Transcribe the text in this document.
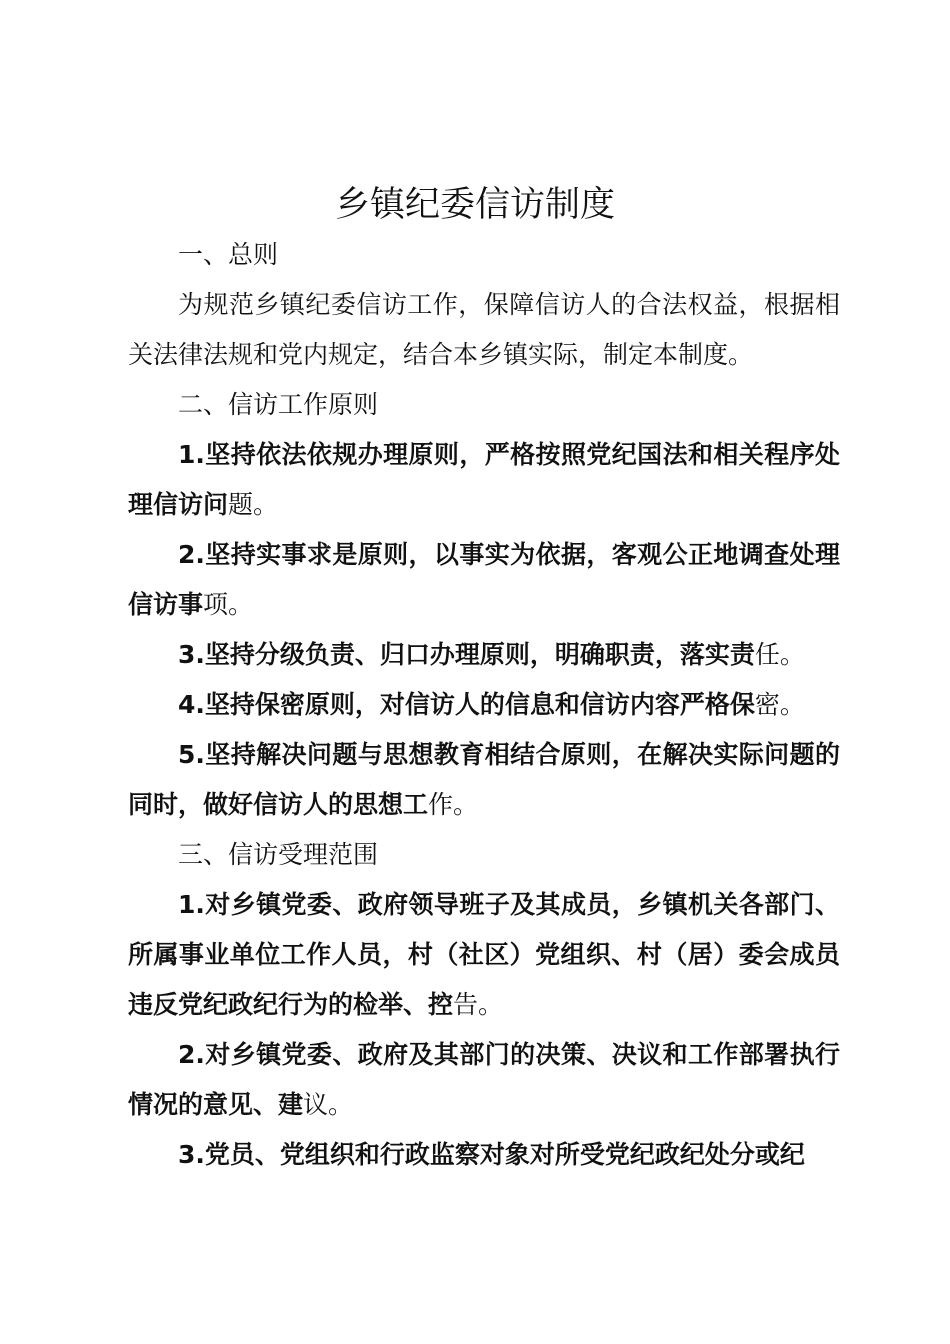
乡镇纪委信访制度

一、总则

为规范乡镇纪委信访工作，保障信访人的合法权益，根据相关法律法规和党内规定，结合本乡镇实际，制定本制度。

二、信访工作原则

1.坚持依法依规办理原则，严格按照党纪国法和相关程序处理信访问题。

2.坚持实事求是原则，以事实为依据，客观公正地调查处理信访事项。

3.坚持分级负责、归口办理原则，明确职责，落实责任。

4.坚持保密原则，对信访人的信息和信访内容严格保密。

5.坚持解决问题与思想教育相结合原则，在解决实际问题的同时，做好信访人的思想工作。

三、信访受理范围

1.对乡镇党委、政府领导班子及其成员，乡镇机关各部门、所属事业单位工作人员，村（社区）党组织、村（居）委会成员违反党纪政纪行为的检举、控告。

2.对乡镇党委、政府及其部门的决策、决议和工作部署执行情况的意见、建议。

3.党员、党组织和行政监察对象对所受党纪政纪处分或纪
